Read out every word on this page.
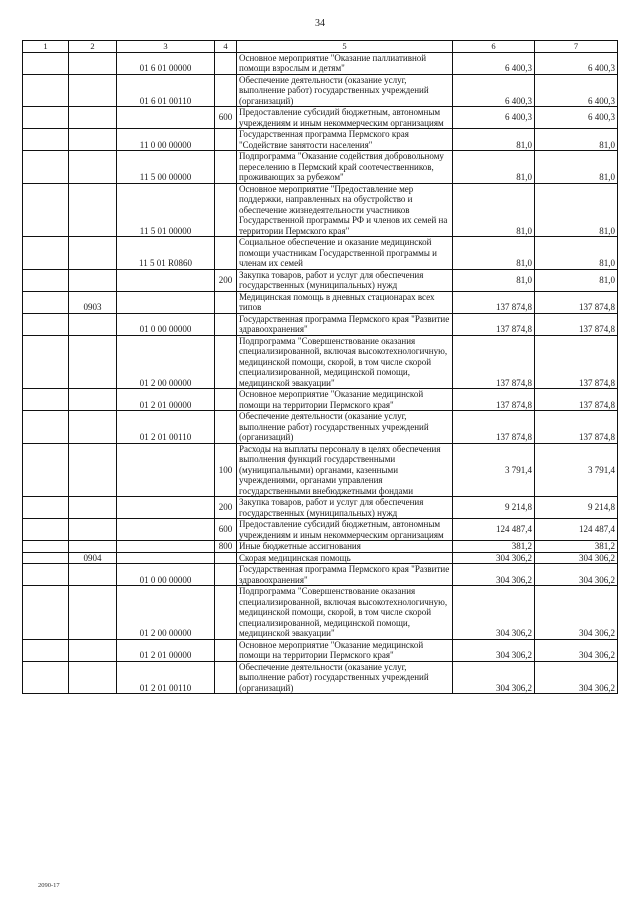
34
1	2	3	4	5	6	7
		01 6 01 00000		Основное мероприятие "Оказание паллиативной помощи взрослым и детям"	6 400,3	6 400,3
		01 6 01 00110		Обеспечение деятельности (оказание услуг, выполнение работ) государственных учреждений (организаций)	6 400,3	6 400,3
			600	Предоставление субсидий бюджетным, автономным учреждениям и иным некоммерческим организациям	6 400,3	6 400,3
		11 0 00 00000		Государственная программа Пермского края "Содействие занятости населения"	81,0	81,0
		11 5 00 00000		Подпрограмма "Оказание содействия добровольному переселению в Пермский край соотечественников, проживающих за рубежом"	81,0	81,0
		11 5 01 00000		Основное мероприятие "Предоставление мер поддержки, направленных на обустройство и обеспечение жизнедеятельности участников Государственной программы РФ и членов их семей на территории Пермского края"	81,0	81,0
		11 5 01 R0860		Социальное обеспечение и оказание медицинской помощи участникам Государственной программы и членам их семей	81,0	81,0
			200	Закупка товаров, работ и услуг для обеспечения государственных (муниципальных) нужд	81,0	81,0
	0903			Медицинская помощь в дневных стационарах всех типов	137 874,8	137 874,8
		01 0 00 00000		Государственная программа Пермского края "Развитие здравоохранения"	137 874,8	137 874,8
		01 2 00 00000		Подпрограмма "Совершенствование оказания специализированной, включая высокотехнологичную, медицинской помощи, скорой, в том числе скорой специализированной, медицинской помощи, медицинской эвакуации"	137 874,8	137 874,8
		01 2 01 00000		Основное мероприятие "Оказание медицинской помощи на территории Пермского края"	137 874,8	137 874,8
		01 2 01 00110		Обеспечение деятельности (оказание услуг, выполнение работ) государственных учреждений (организаций)	137 874,8	137 874,8
			100	Расходы на выплаты персоналу в целях обеспечения выполнения функций государственными (муниципальными) органами, казенными учреждениями, органами управления государственными внебюджетными фондами	3 791,4	3 791,4
			200	Закупка товаров, работ и услуг для обеспечения государственных (муниципальных) нужд	9 214,8	9 214,8
			600	Предоставление субсидий бюджетным, автономным учреждениям и иным некоммерческим организациям	124 487,4	124 487,4
			800	Иные бюджетные ассигнования	381,2	381,2
	0904			Скорая медицинская помощь	304 306,2	304 306,2
		01 0 00 00000		Государственная программа Пермского края "Развитие здравоохранения"	304 306,2	304 306,2
		01 2 00 00000		Подпрограмма "Совершенствование оказания специализированной, включая высокотехнологичную, медицинской помощи, скорой, в том числе скорой специализированной, медицинской помощи, медицинской эвакуации"	304 306,2	304 306,2
		01 2 01 00000		Основное мероприятие "Оказание медицинской помощи на территории Пермского края"	304 306,2	304 306,2
		01 2 01 00110		Обеспечение деятельности (оказание услуг, выполнение работ) государственных учреждений (организаций)	304 306,2	304 306,2
2090-17
